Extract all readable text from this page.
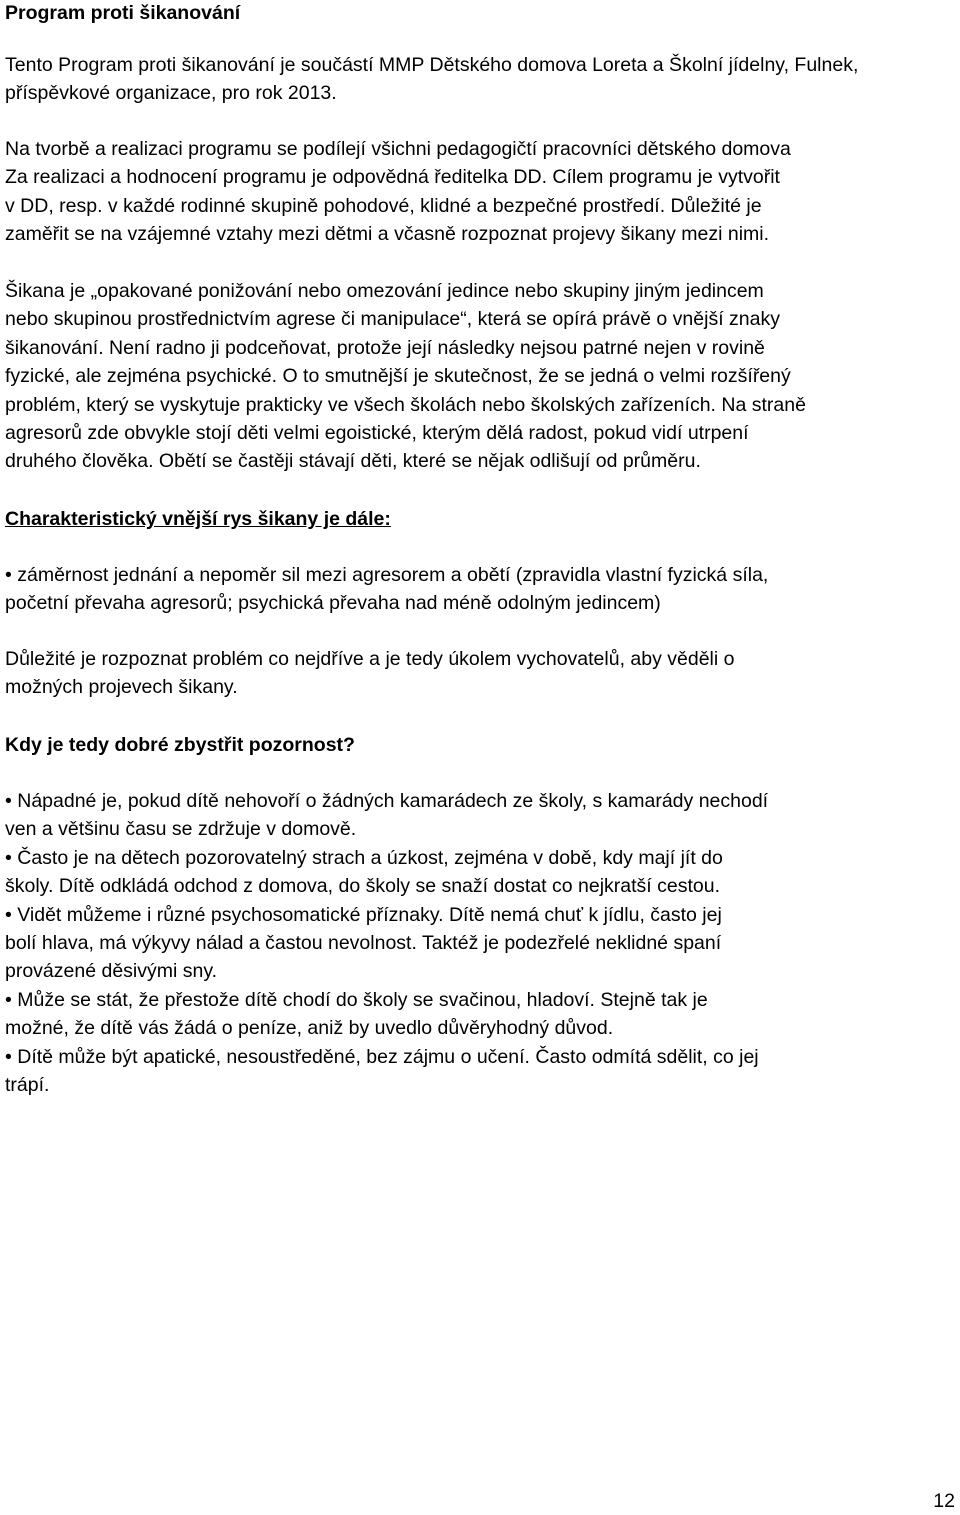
Program proti šikanování

Tento Program proti šikanování je součástí MMP Dětského domova Loreta a Školní jídelny, Fulnek,
příspěvkové organizace, pro rok 2013.

Na tvorbě a realizaci programu se podílejí všichni pedagogičtí pracovníci dětského domova
Za realizaci a hodnocení programu je odpovědná ředitelka DD. Cílem programu je vytvořit
v DD, resp. v každé rodinné skupině pohodové, klidné a bezpečné prostředí. Důležité je
zaměřit se na vzájemné vztahy mezi dětmi a včasně rozpoznat projevy šikany mezi nimi.

Šikana je „opakované ponižování nebo omezování jedince nebo skupiny jiným jedincem
nebo skupinou prostřednictvím agrese či manipulace“, která se opírá právě o vnější znaky
šikanování. Není radno ji podceňovat, protože její následky nejsou patrné nejen v rovině
fyzické, ale zejména psychické. O to smutnější je skutečnost, že se jedná o velmi rozšířený
problém, který se vyskytuje prakticky ve všech školách nebo školských zařízeních. Na straně
agresorů zde obvykle stojí děti velmi egoistické, kterým dělá radost, pokud vidí utrpení
druhého člověka. Obětí se častěji stávají děti, které se nějak odlišují od průměru.

Charakteristický vnější rys šikany je dále:

• záměrnost jednání a nepoměr sil mezi agresorem a obětí (zpravidla vlastní fyzická síla,
početní převaha agresorů; psychická převaha nad méně odolným jedincem)

Důležité je rozpoznat problém co nejdříve a je tedy úkolem vychovatelů, aby věděli o
možných projevech šikany.

Kdy je tedy dobré zbystřit pozornost?

• Nápadné je, pokud dítě nehovoří o žádných kamarádech ze školy, s kamarády nechodí
ven a většinu času se zdržuje v domově.
• Často je na dětech pozorovatelný strach a úzkost, zejména v době, kdy mají jít do
školy. Dítě odkládá odchod z domova, do školy se snaží dostat co nejkratší cestou.
• Vidět můžeme i různé psychosomatické příznaky. Dítě nemá chuť k jídlu, často jej
bolí hlava, má výkyvy nálad a častou nevolnost. Taktéž je podezřelé neklidné spaní
provázené děsivými sny.
• Může se stát, že přestože dítě chodí do školy se svačinou, hladoví. Stejně tak je
možné, že dítě vás žádá o peníze, aniž by uvedlo důvěryhodný důvod.
• Dítě může být apatické, nesoustředěné, bez zájmu o učení. Často odmítá sdělit, co jej
trápí.

12
